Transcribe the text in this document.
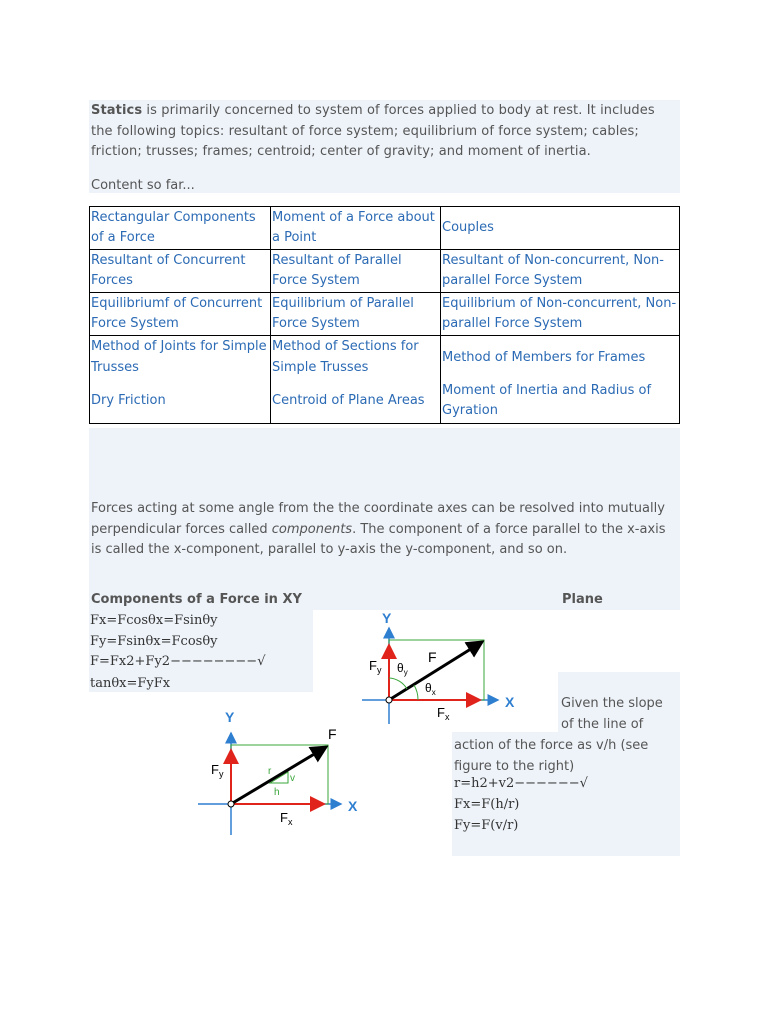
Statics is primarily concerned to system of forces applied to body at rest. It includes the following topics: resultant of force system; equilibrium of force system; cables; friction; trusses; frames; centroid; center of gravity; and moment of inertia.
Content so far...
Rectangular Components of a Force	Moment of a Force about a Point	Couples
Resultant of Concurrent Forces	Resultant of Parallel Force System	Resultant of Non-concurrent, Non-parallel Force System
Equilibriumf of Concurrent Force System	Equilibrium of Parallel Force System	Equilibrium of Non-concurrent, Non-parallel Force System
Method of Joints for Simple Trusses	Method of Sections for Simple Trusses	Method of Members for Frames
Dry Friction	Centroid of Plane Areas	Moment of Inertia and Radius of Gyration
Forces acting at some angle from the the coordinate axes can be resolved into mutually perpendicular forces called components. The component of a force parallel to the x-axis is called the x-component, parallel to y-axis the y-component, and so on.
Components of a Force in XY	Plane
Fx=Fcosθx=Fsinθy
Fy=Fsinθx=Fcosθy
F=Fx2+Fy2−−−−−−−−√
tanθx=FyFx
Given the slope of the line of
action of the force as v/h (see figure to the right)
r=h2+v2−−−−−−√
Fx=F(h/r)
Fy=F(v/r)
Y
X
F
$F_y$
$F_x$
$\theta_y$
$\theta_x$
Y
X
F
$F_y$
$F_x$
r
v
h
